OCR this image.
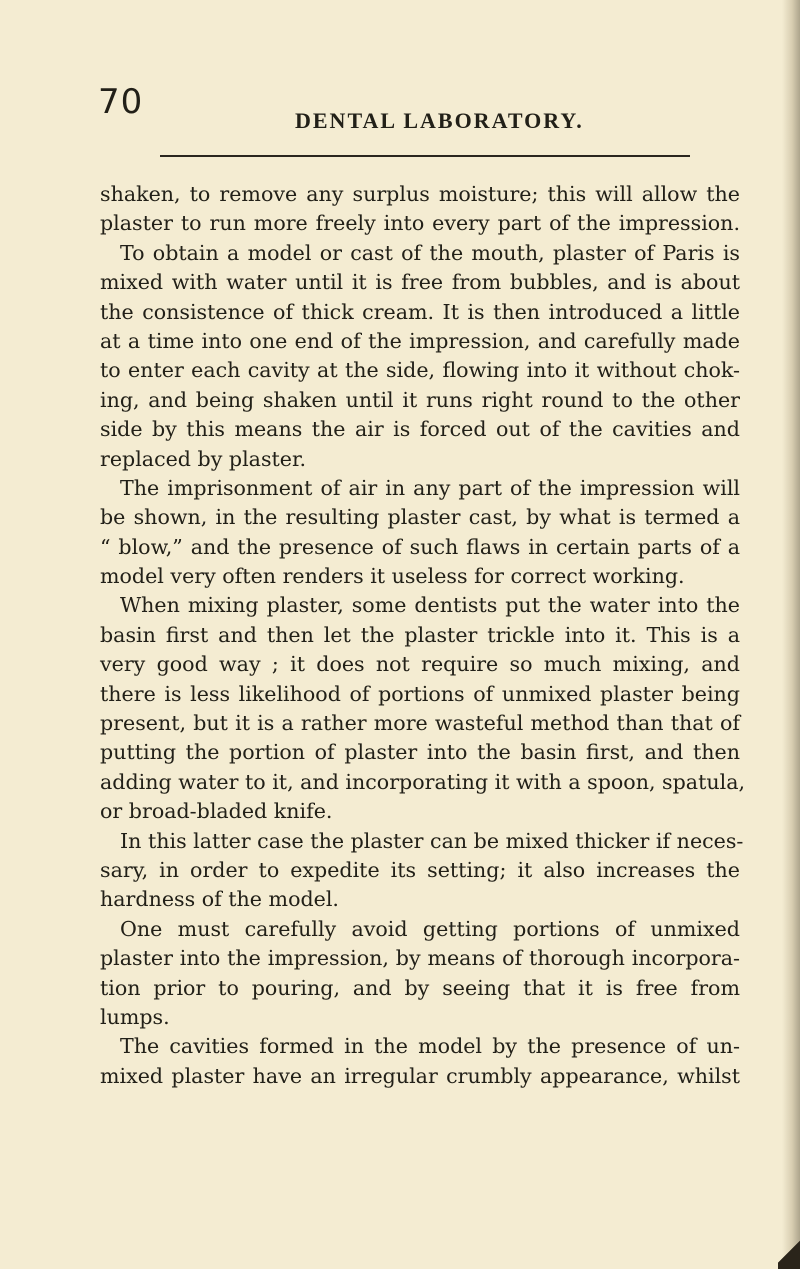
70	DENTAL LABORATORY.
shaken, to remove any surplus moisture; this will allow the
plaster to run more freely into every part of the impression.
To obtain a model or cast of the mouth, plaster of Paris is
mixed with water until it is free from bubbles, and is about
the consistence of thick cream. It is then introduced a little
at a time into one end of the impression, and carefully made
to enter each cavity at the side, flowing into it without chok-
ing, and being shaken until it runs right round to the other
side by this means the air is forced out of the cavities and
replaced by plaster.
The imprisonment of air in any part of the impression will
be shown, in the resulting plaster cast, by what is termed a
“ blow,” and the presence of such flaws in certain parts of a
model very often renders it useless for correct working.
When mixing plaster, some dentists put the water into the
basin first and then let the plaster trickle into it. This is a
very good way ; it does not require so much mixing, and
there is less likelihood of portions of unmixed plaster being
present, but it is a rather more wasteful method than that of
putting the portion of plaster into the basin first, and then
adding water to it, and incorporating it with a spoon, spatula,
or broad-bladed knife.
In this latter case the plaster can be mixed thicker if neces-
sary, in order to expedite its setting; it also increases the
hardness of the model.
One must carefully avoid getting portions of unmixed
plaster into the impression, by means of thorough incorpora-
tion prior to pouring, and by seeing that it is free from
lumps.
The cavities formed in the model by the presence of un-
mixed plaster have an irregular crumbly appearance, whilst
